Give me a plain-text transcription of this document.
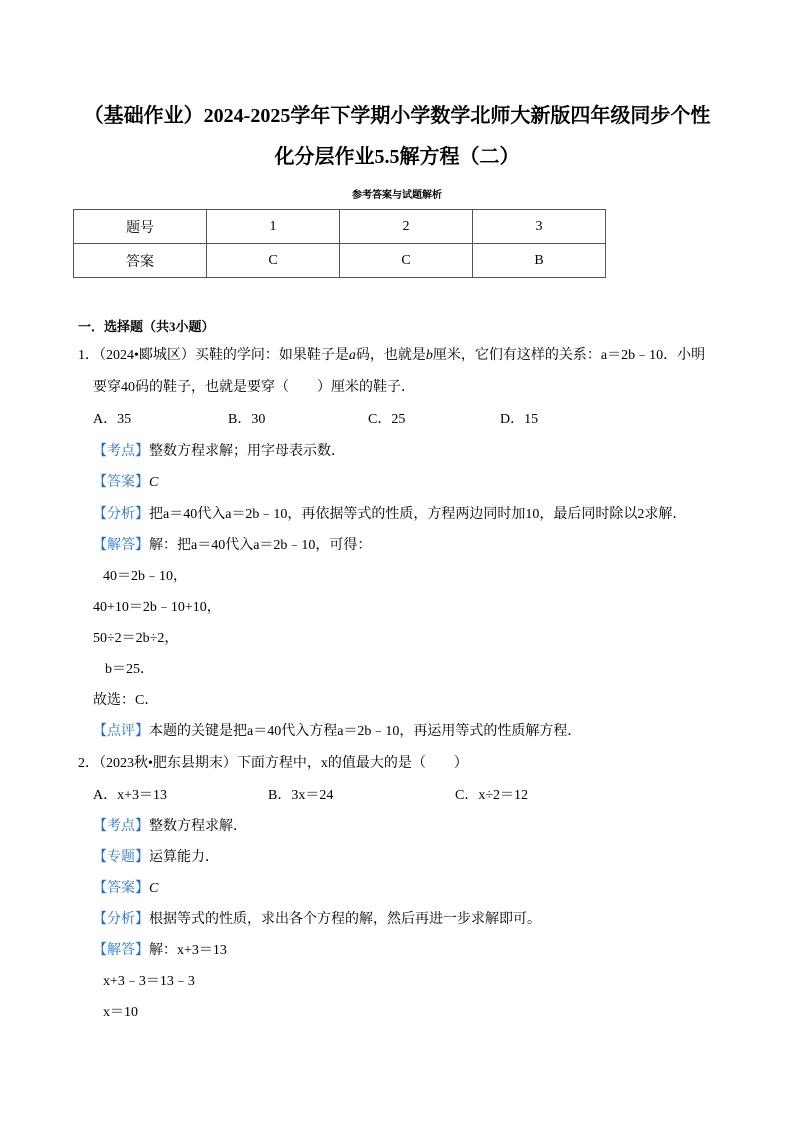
（基础作业）2024-2025学年下学期小学数学北师大新版四年级同步个性
化分层作业5.5解方程（二）
参考答案与试题解析
题号	1	2	3
答案	C	C	B
一．选择题（共3小题）
1．（2024•郾城区）买鞋的学问：如果鞋子是a码，也就是b厘米，它们有这样的关系：a＝2b﹣10．小明
要穿40码的鞋子，也就是要穿（　　）厘米的鞋子．
A．35	B．30	C．25	D．15
【考点】整数方程求解；用字母表示数．
【答案】C
【分析】把a＝40代入a＝2b﹣10，再依据等式的性质，方程两边同时加10，最后同时除以2求解．
【解答】解：把a＝40代入a＝2b﹣10，可得：
40＝2b﹣10，
40+10＝2b﹣10+10，
50÷2＝2b÷2，
b＝25．
故选：C．
【点评】本题的关键是把a＝40代入方程a＝2b﹣10，再运用等式的性质解方程．
2．（2023秋•肥东县期末）下面方程中，x的值最大的是（　　）
A．x+3＝13	B．3x＝24	C．x÷2＝12
【考点】整数方程求解．
【专题】运算能力．
【答案】C
【分析】根据等式的性质，求出各个方程的解，然后再进一步求解即可。
【解答】解：x+3＝13
x+3﹣3＝13﹣3
x＝10
